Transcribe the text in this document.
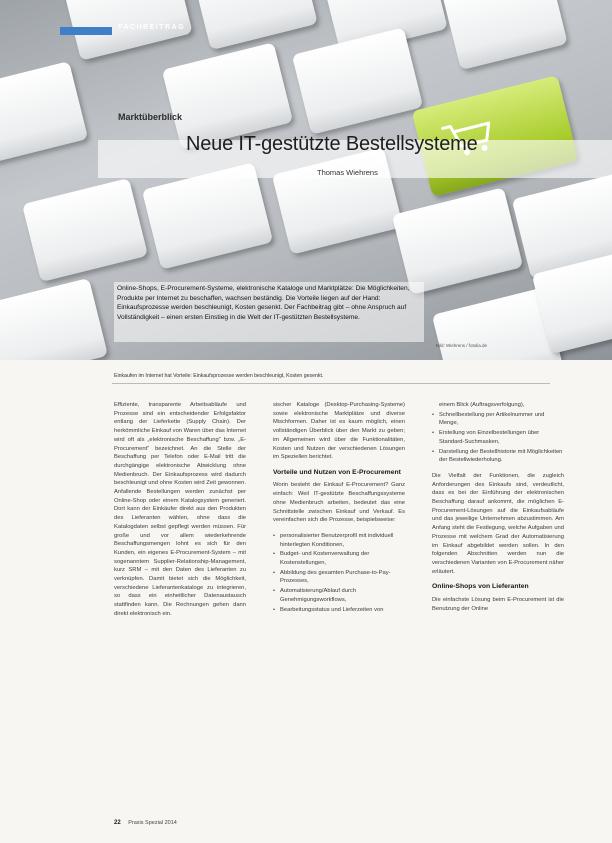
FACHBEITRAG
Marktüberblick
Neue IT-gestützte Bestellsysteme
Thomas Wiehrens
Online-Shops, E-Procurement-Systeme, elektronische Kataloge und Marktplätze: Die Möglichkeiten, Produkte per Internet zu beschaffen, wachsen beständig. Die Vorteile liegen auf der Hand: Einkaufsprozesse werden beschleunigt, Kosten gesenkt. Der Fachbeitrag gibt – ohne Anspruch auf Vollständigkeit – einen ersten Einstieg in die Welt der IT-gestützten Bestellsysteme.
Bild: Wiehrens / fotolia.de
Einkaufen im Internet hat Vorteile: Einkaufsprozesse werden beschleunigt, Kosten gesenkt.

Effiziente, transparente Arbeitsabläufe und Prozesse sind ein entscheidender Erfolgsfaktor entlang der Lieferkette (Supply Chain). Der herkömmliche Einkauf von Waren über das Internet wird oft als „elektronische Beschaffung“ bzw. „E-Procurement“ bezeichnet. An die Stelle der Beschaffung per Telefon oder E-Mail tritt die durchgängige elektronische Abwicklung ohne Medienbruch. Der Einkaufsprozess wird dadurch beschleunigt und ohne Kosten wird Zeit gewonnen. Anfallende Bestellungen werden zunächst per Online-Shop oder einem Katalogsystem generiert. Dort kann der Einkäufer direkt aus den Produkten des Lieferanten wählen, ohne dass die Katalogdaten selbst gepflegt werden müssen. Für große und vor allem wiederkehrende Beschaffungsmengen lohnt es sich für den Kunden, ein eigenes E-Procurement-System – mit sogenanntem Supplier-Relationship-Management, kurz SRM – mit den Daten des Lieferanten zu verknüpfen. Damit bietet sich die Möglichkeit, verschiedene Lieferantenkataloge zu integrieren, so dass ein einheitlicher Datenaustausch stattfinden kann. Die Rechnungen gehen dann direkt elektronisch ein.

sischer Kataloge (Desktop-Purchasing-Systeme) sowie elektronische Marktplätze und diverse Mischformen. Daher ist es kaum möglich, einen vollständigen Überblick über den Markt zu geben; im Allgemeinen wird über die Funktionalitäten, Kosten und Nutzen der verschiedenen Lösungen im Speziellen berichtet.

Vorteile und Nutzen von E-Procurement

Worin besteht der Einkauf E-Procurement? Ganz einfach: Weil IT-gestützte Beschaffungssysteme ohne Medienbruch arbeiten, bedeutet das eine Schnittstelle zwischen Einkauf und Verkauf. Es vereinfachen sich die Prozesse, beispielsweise:

• personalisierter Benutzerprofil mit individuell hinterlegten Konditionen,
• Budget- und Kostenverwaltung der Kostenstellungen,
• Abbildung des gesamten Purchase-to-Pay-Prozesses,
• Automatisierung/Ablauf durch Genehmigungsworkflows,
• Bearbeitungsstatus und Lieferzeiten von

einem Blick (Auftragsverfolgung),

• Schnellbestellung per Artikelnummer und Menge,
• Erstellung von Einzelbestellungen über Standard-Suchmasken,
• Darstellung der Bestellhistorie mit Möglichkeiten der Bestellwiederholung.

Die Vielfalt der Funktionen, die zugleich Anforderungen des Einkaufs sind, verdeutlicht, dass es bei der Einführung der elektronischen Beschaffung darauf ankommt, die möglichen E-Procurement-Lösungen auf die Einkaufsabläufe und das jeweilige Unternehmen abzustimmen. Am Anfang steht die Festlegung, welche Aufgaben und Prozesse mit welchem Grad der Automatisierung im Einkauf abgebildet werden sollen. In den folgenden Abschnitten werden nun die verschiedenen Varianten von E-Procurement näher erläutert.

Online-Shops von Lieferanten

Die einfachste Lösung beim E-Procurement ist die Benutzung der Online

22 Praxis Spezial 2014
